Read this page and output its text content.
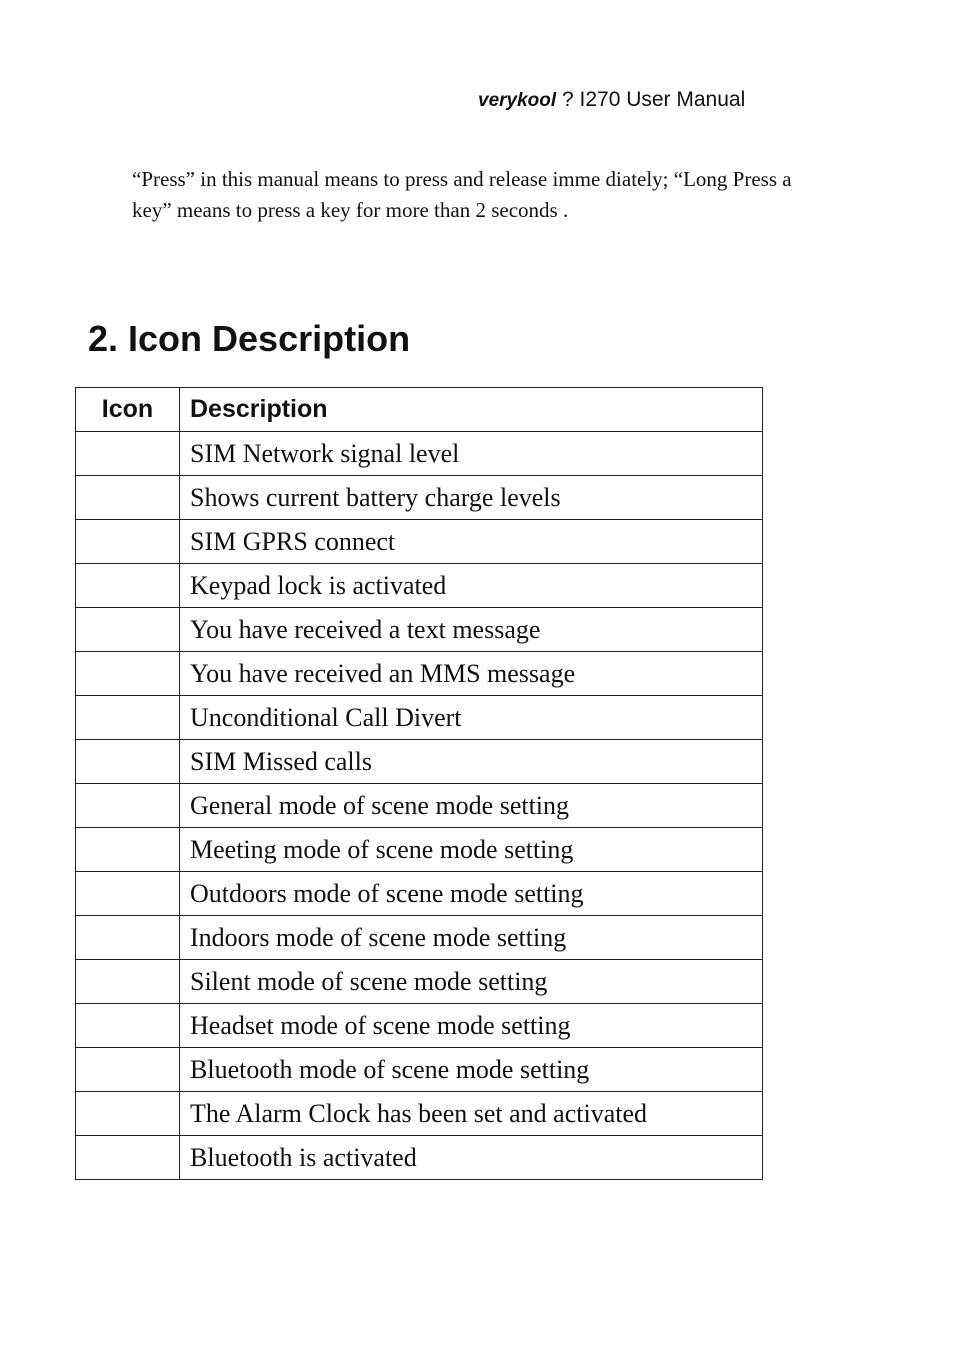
verykool ? I270 User Manual

“Press” in this manual means to press and release imme diately; “Long Press a key” means to press a key for more than 2 seconds .

2. Icon Description
Icon	Description
	SIM Network signal level
	Shows current battery charge levels
	SIM GPRS connect
	Keypad lock is activated
	You have received a text message
	You have received an MMS message
	Unconditional Call Divert
	SIM Missed calls
	General mode of scene mode setting
	Meeting mode of scene mode setting
	Outdoors mode of scene mode setting
	Indoors mode of scene mode setting
	Silent mode of scene mode setting
	Headset mode of scene mode setting
	Bluetooth mode of scene mode setting
	The Alarm Clock has been set and activated
	Bluetooth is activated
